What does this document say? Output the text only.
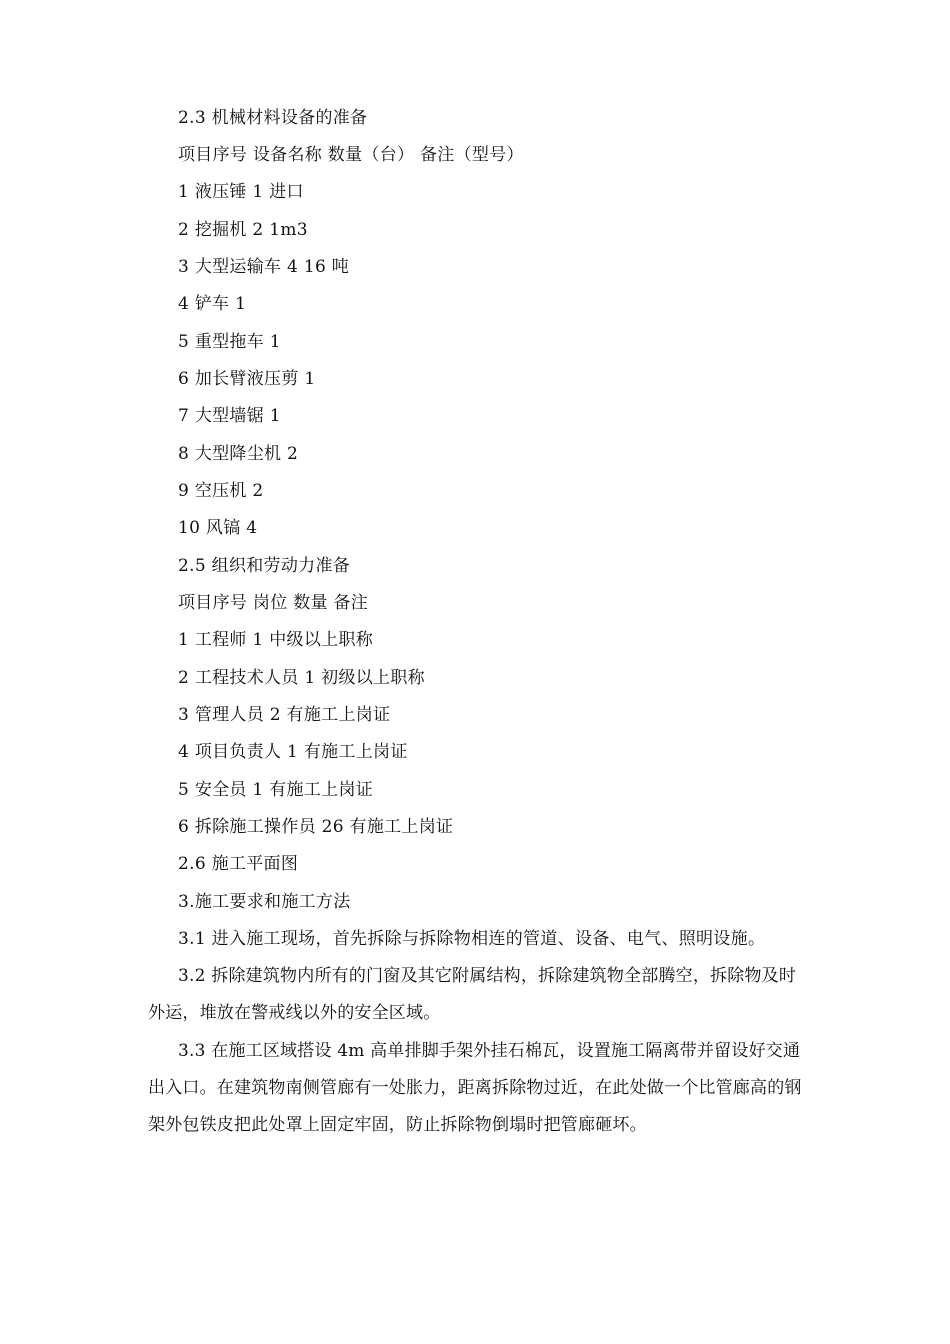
2.3 机械材料设备的准备
项目序号 设备名称 数量（台） 备注（型号）
1 液压锤 1 进口
2 挖掘机 2 1m3
3 大型运输车 4 16 吨
4 铲车 1
5 重型拖车 1
6 加长臂液压剪 1
7 大型墙锯 1
8 大型降尘机 2
9 空压机 2
10 风镐 4
2.5 组织和劳动力准备
项目序号 岗位 数量 备注
1 工程师 1 中级以上职称
2 工程技术人员 1 初级以上职称
3 管理人员 2 有施工上岗证
4 项目负责人 1 有施工上岗证
5 安全员 1 有施工上岗证
6 拆除施工操作员 26 有施工上岗证
2.6 施工平面图
3.施工要求和施工方法
3.1 进入施工现场，首先拆除与拆除物相连的管道、设备、电气、照明设施。
3.2 拆除建筑物内所有的门窗及其它附属结构，拆除建筑物全部腾空，拆除物及时外运，堆放在警戒线以外的安全区域。
3.3 在施工区域搭设 4m 高单排脚手架外挂石棉瓦，设置施工隔离带并留设好交通出入口。在建筑物南侧管廊有一处胀力，距离拆除物过近，在此处做一个比管廊高的钢架外包铁皮把此处罩上固定牢固，防止拆除物倒塌时把管廊砸坏。
